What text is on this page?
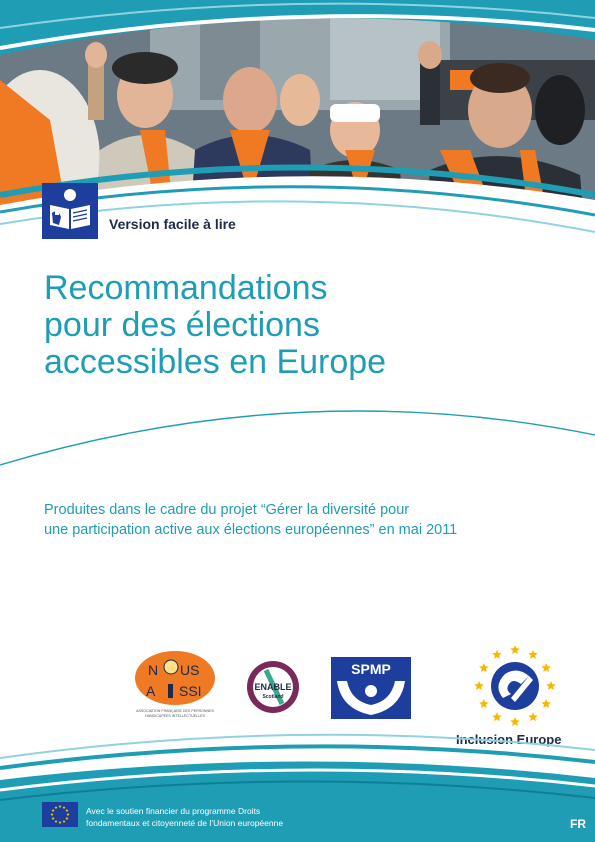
Version facile à lire
Recommandations
pour des élections
accessibles en Europe
Produites dans le cadre du projet “Gérer la diversité pour
une participation active aux élections européennes” en mai 2011
N US
A SSI
ASSOCIATION FRANÇAISE DES PERSONNES
HANDICAPÉES INTELLECTUELLES
ENABLE
Scotland
SPMP
Inclusion Europe
Avec le soutien financier du programme Droits
fondamentaux et citoyenneté de l’Union européenne	FR
